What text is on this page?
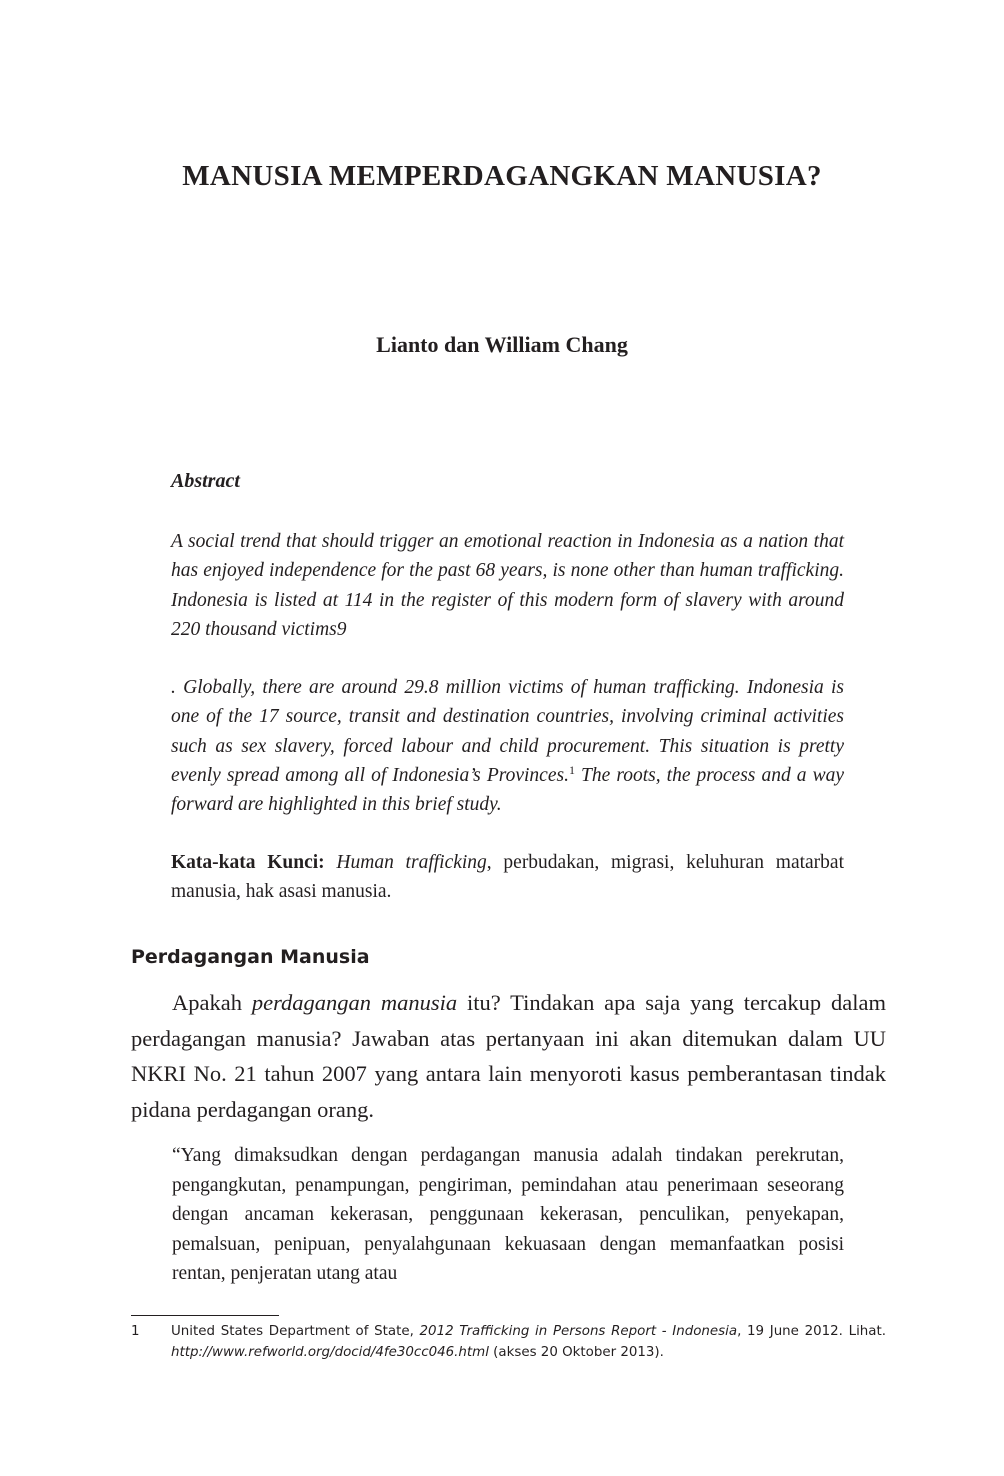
MANUSIA MEMPERDAGANGKAN MANUSIA?

Lianto dan William Chang

Abstract

A social trend that should trigger an emotional reaction in Indonesia as a nation that has enjoyed independence for the past 68 years, is none other than human trafficking. Indonesia is listed at 114 in the register of this modern form of slavery with around 220 thousand victims9

. Globally, there are around 29.8 million victims of human trafficking. Indonesia is one of the 17 source, transit and destination countries, involving criminal activities such as sex slavery, forced labour and child procurement. This situation is pretty evenly spread among all of Indonesia’s Provinces.$^1$ The roots, the process and a way forward are highlighted in this brief study.

Kata-kata Kunci: Human trafficking, perbudakan, migrasi, keluhuran matarbat manusia, hak asasi manusia.

Perdagangan Manusia

Apakah perdagangan manusia itu? Tindakan apa saja yang tercakup dalam perdagangan manusia? Jawaban atas pertanyaan ini akan ditemukan dalam UU NKRI No. 21 tahun 2007 yang antara lain menyoroti kasus pemberantasan tindak pidana perdagangan orang.

“Yang dimaksudkan dengan perdagangan manusia adalah tindakan perekrutan, pengangkutan, penampungan, pengiriman, pemindahan atau penerimaan seseorang dengan ancaman kekerasan, penggunaan kekerasan, penculikan, penyekapan, pemalsuan, penipuan, penyalahgunaan kekuasaan dengan memanfaatkan posisi rentan, penjeratan utang atau

1 United States Department of State, 2012 Trafficking in Persons Report - Indonesia, 19 June 2012. Lihat. http://www.refworld.org/docid/4fe30cc046.html (akses 20 Oktober 2013).
